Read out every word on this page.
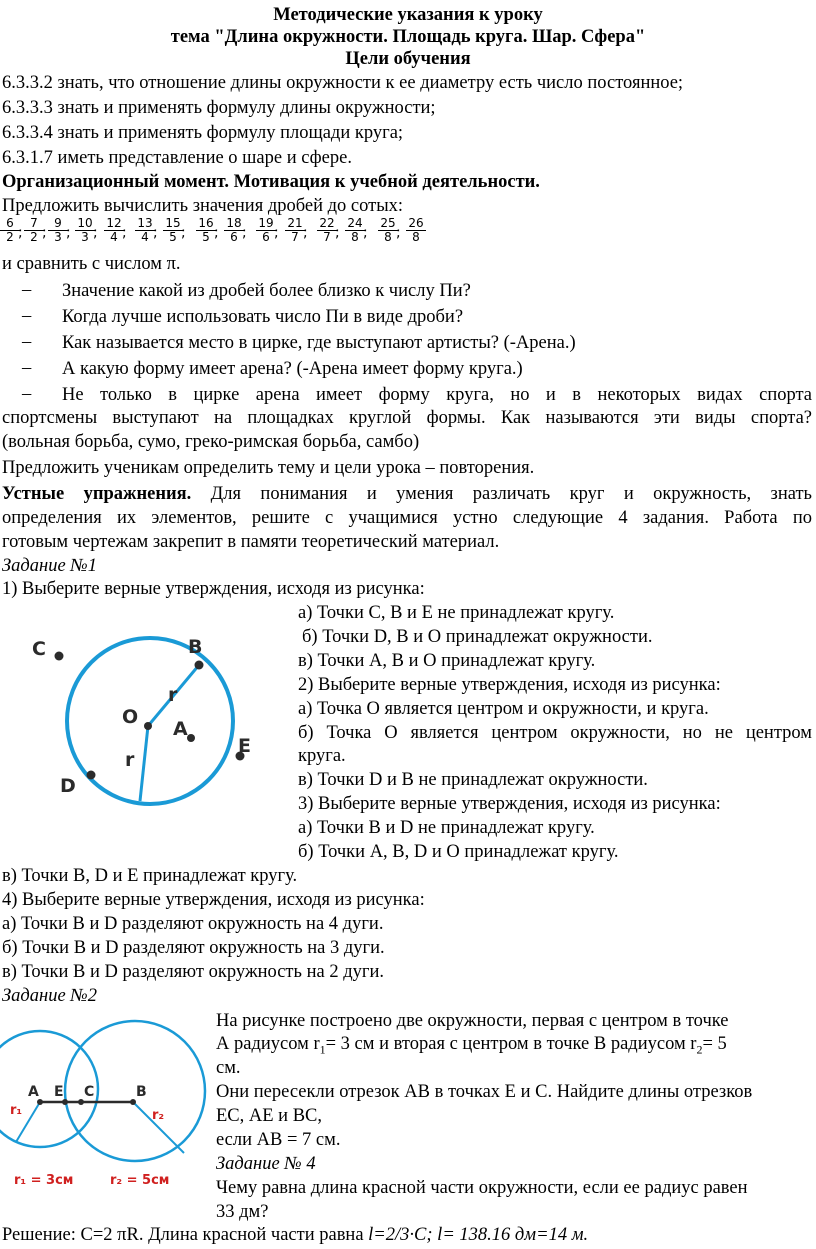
Методические указания к уроку
тема "Длина окружности. Площадь круга. Шар. Сфера"
Цели обучения
6.3.3.2 знать, что отношение длины окружности к ее диаметру есть число постоянное;
6.3.3.3 знать и применять формулу длины окружности;
6.3.3.4 знать и применять формулу площади круга;
6.3.1.7 иметь представление о шаре и сфере.
Организационный момент. Мотивация к учебной деятельности.
Предложить вычислить значения дробей до сотых:
$\frac{6}{2}$
; $\frac{7}{2}$
; $\frac{9}{3}$
; $\frac{10}{3}$
; $\frac{12}{4}$
; $\frac{13}{4}$
; $\frac{15}{5}$
; $\frac{16}{5}$
; $\frac{18}{6}$
; $\frac{19}{6}$
; $\frac{21}{7}$
; $\frac{22}{7}$
; $\frac{24}{8}$
; $\frac{25}{8}$
; $\frac{26}{8}$
и сравнить с числом π.
– Значение какой из дробей более близко к числу Пи?
– Когда лучше использовать число Пи в виде дроби?
– Как называется место в цирке, где выступают артисты? (-Арена.)
– А какую форму имеет арена? (-Арена имеет форму круга.)
– Не только в цирке арена имеет форму круга, но и в некоторых видах спорта
спортсмены выступают на площадках круглой формы. Как называются эти виды спорта?
(вольная борьба, сумо, греко-римская борьба, самбо)
Предложить ученикам определить тему и цели урока – повторения.
Устные упражнения. Для понимания и умения различать круг и окружность, знать
определения их элементов, решите с учащимися устно следующие 4 задания. Работа по
готовым чертежам закрепит в памяти теоретический материал.
Задание №1
1) Выберите верные утверждения, исходя из рисунка:
C	B
O
A
E
D
r
r
а) Точки С, В и Е не принадлежат кругу.
б) Точки D, В и О принадлежат окружности.
в) Точки А, В и О принадлежат кругу.
2) Выберите верные утверждения, исходя из рисунка:
а) Точка О является центром и окружности, и круга.
б) Точка О является центром окружности, но не центром
круга.
в) Точки D и В не принадлежат окружности.
3) Выберите верные утверждения, исходя из рисунка:
а) Точки В и D не принадлежат кругу.
б) Точки А, В, D и О принадлежат кругу.
в) Точки В, D и Е принадлежат кругу.
4) Выберите верные утверждения, исходя из рисунка:
а) Точки В и D разделяют окружность на 4 дуги.
б) Точки В и D разделяют окружность на 3 дуги.
в) Точки В и D разделяют окружность на 2 дуги.
Задание №2
A E C	B
r₁	r₂
r₁ = 3см	r₂ = 5см
На рисунке построено две окружности, первая с центром в точке
А радиусом $r_1= 3$ см и вторая с центром в точке В радиусом $r_2= 5$
см.
Они пересекли отрезок АВ в точках Е и С. Найдите длины отрезков
ЕС, АЕ и ВС,
если АВ = 7 см.
Задание № 4
Чему равна длина красной части окружности, если ее радиус равен
33 дм?
Решение: С=2 πR. Длина красной части равна l=2/3·C; l= 138.16 дм=14 м.
